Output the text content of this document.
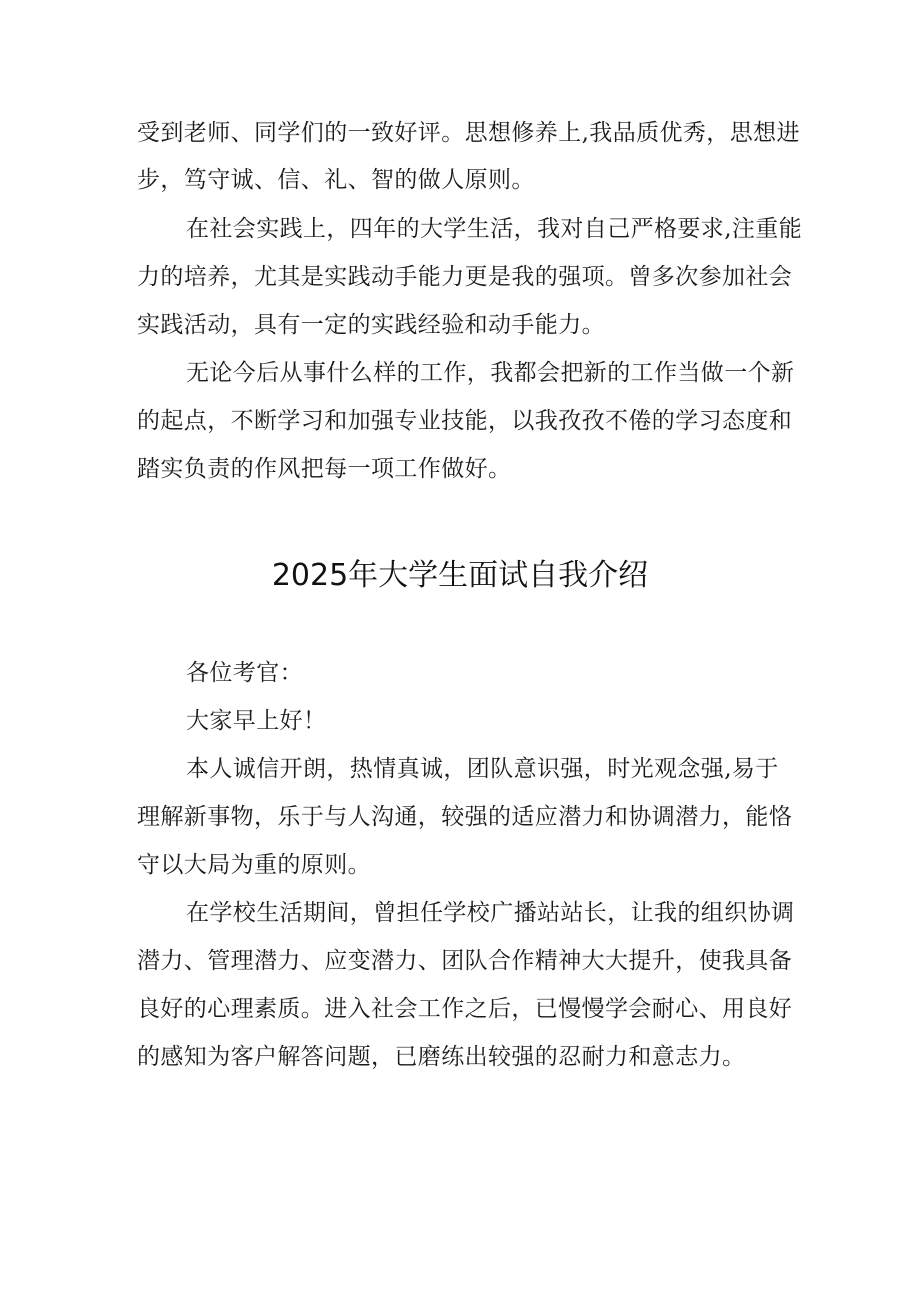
受到老师、同学们的一致好评。思想修养上,我品质优秀，思想进
步，笃守诚、信、礼、智的做人原则。
在社会实践上，四年的大学生活，我对自己严格要求,注重能
力的培养，尤其是实践动手能力更是我的强项。曾多次参加社会
实践活动，具有一定的实践经验和动手能力。
无论今后从事什么样的工作，我都会把新的工作当做一个新
的起点，不断学习和加强专业技能，以我孜孜不倦的学习态度和
踏实负责的作风把每一项工作做好。
2025年大学生面试自我介绍
各位考官：
大家早上好！
本人诚信开朗，热情真诚，团队意识强，时光观念强,易于
理解新事物，乐于与人沟通，较强的适应潜力和协调潜力，能恪
守以大局为重的原则。
在学校生活期间，曾担任学校广播站站长，让我的组织协调
潜力、管理潜力、应变潜力、团队合作精神大大提升，使我具备
良好的心理素质。进入社会工作之后，已慢慢学会耐心、用良好
的感知为客户解答问题，已磨练出较强的忍耐力和意志力。
